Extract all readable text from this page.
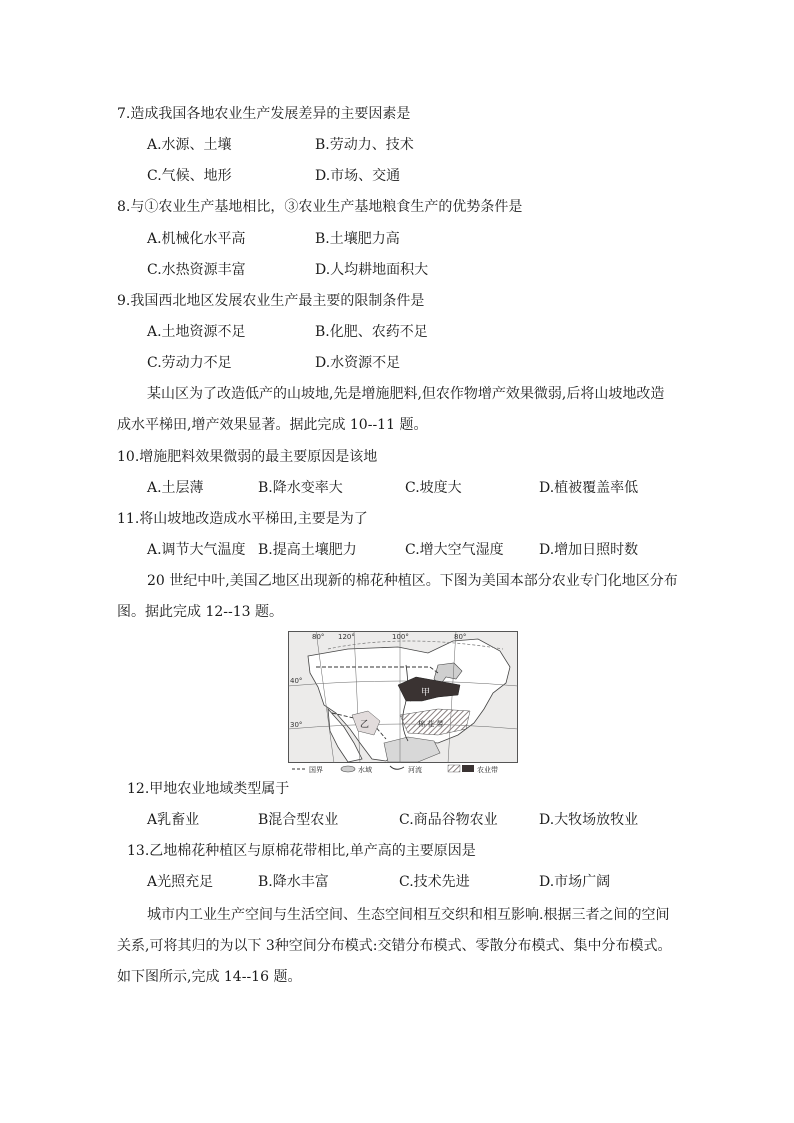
7.造成我国各地农业生产发展差异的主要因素是
A.水源、土壤	B.劳动力、技术
C.气候、地形	D.市场、交通
8.与①农业生产基地相比，③农业生产基地粮食生产的优势条件是
A.机械化水平高	B.土壤肥力高
C.水热资源丰富	D.人均耕地面积大
9.我国西北地区发展农业生产最主要的限制条件是
A.土地资源不足	B.化肥、农药不足
C.劳动力不足	D.水资源不足
某山区为了改造低产的山坡地,先是增施肥料,但农作物增产效果微弱,后将山坡地改造
成水平梯田,增产效果显著。据此完成 10--11 题。
10.增施肥料效果微弱的最主要原因是该地
A.土层薄	B.降水变率大	C.坡度大	D.植被覆盖率低
11.将山坡地改造成水平梯田,主要是为了
A.调节大气温度 B.提高土壤肥力	C.增大空气湿度	D.增加日照时数
20 世纪中叶,美国乙地区出现新的棉花种植区。下图为美国本部分农业专门化地区分布
图。据此完成 12--13 题。
80° 120°	100°	80°
40°
30°
甲
乙	棉 花 带
国界	水域	河流	农业带
12.甲地农业地域类型属于
A乳畜业	B混合型农业	C.商品谷物农业	D.大牧场放牧业
13.乙地棉花种植区与原棉花带相比,单产高的主要原因是
A光照充足	B.降水丰富	C.技术先进	D.市场广阔
城市内工业生产空间与生活空间、生态空间相互交织和相互影响.根据三者之间的空间
关系,可将其归的为以下 3种空间分布模式:交错分布模式、零散分布模式、集中分布模式。
如下图所示,完成 14--16 题。
